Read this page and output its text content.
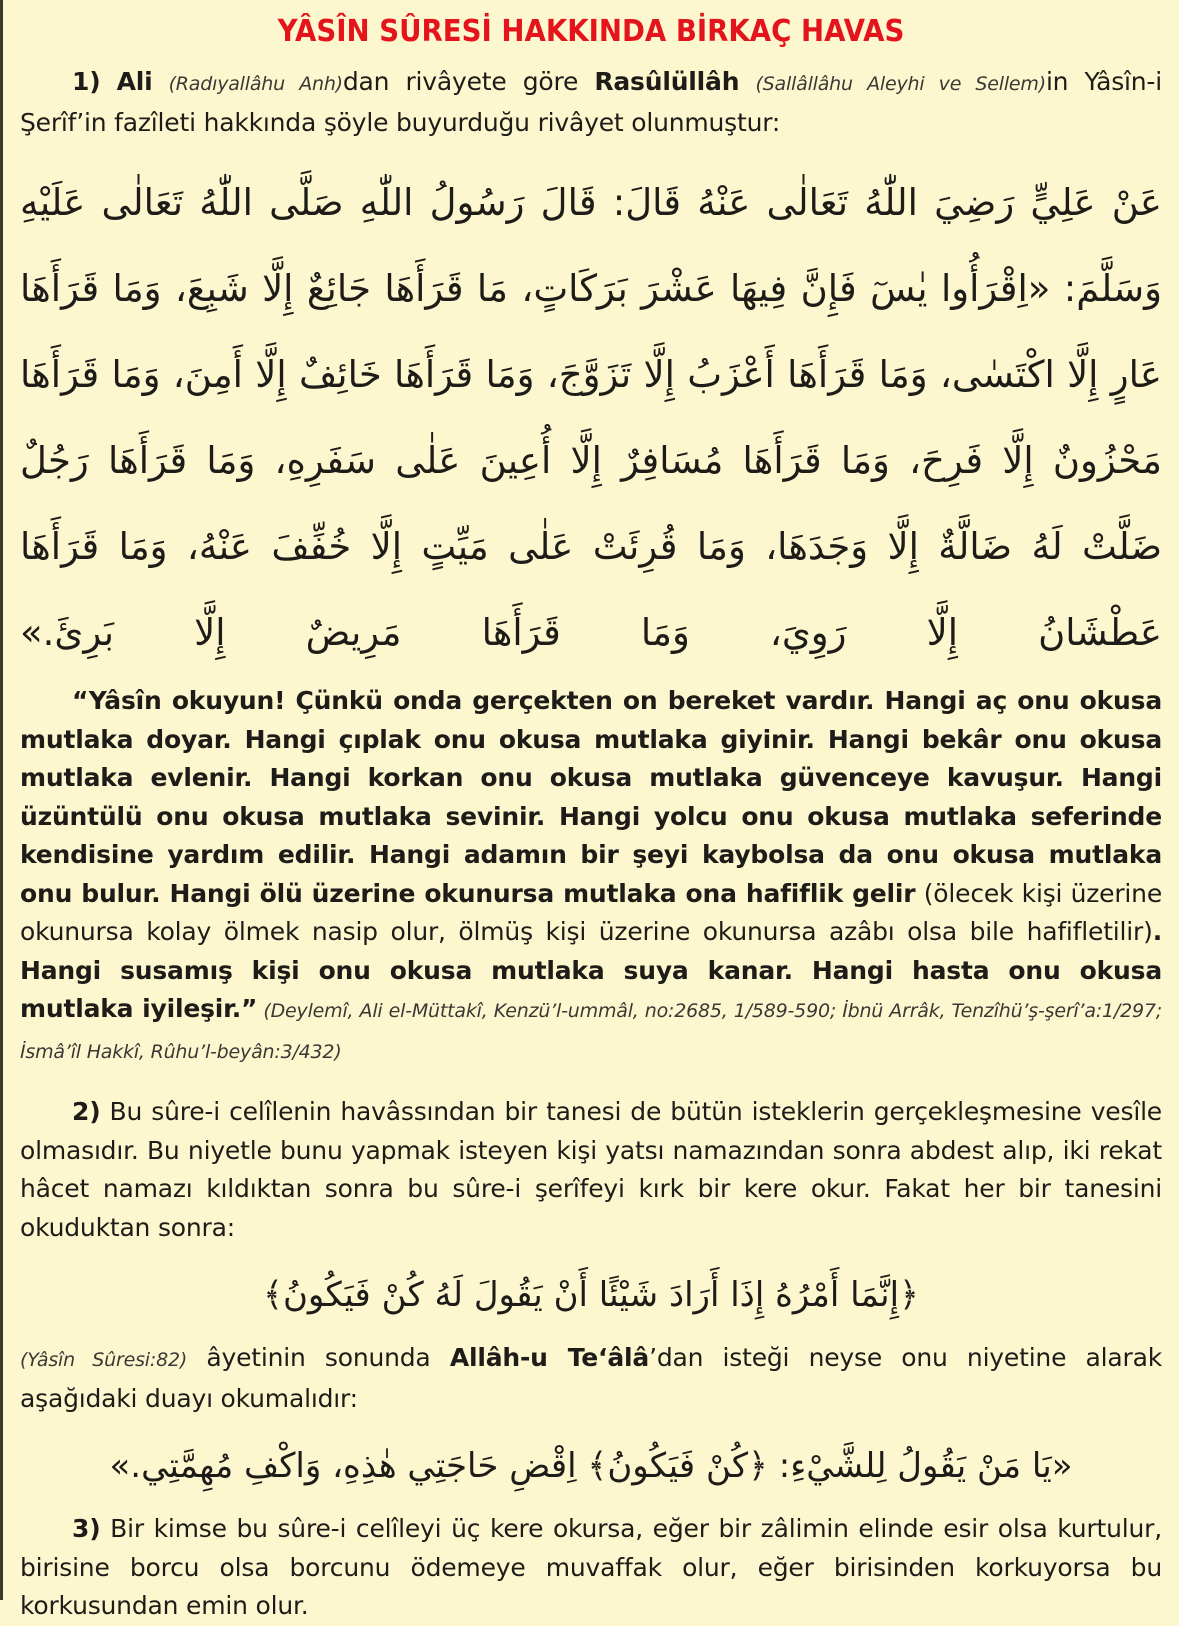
YÂSÎN SÛRESİ HAKKINDA BİRKAÇ HAVAS

1) Ali (Radıyallâhu Anh)dan rivâyete göre Rasûlüllâh (Sallâllâhu Aleyhi ve Sellem)in Yâsîn-i Şerîf’in fazîleti hakkında şöyle buyurduğu rivâyet olunmuştur:

عَنْ عَلِيٍّ رَضِيَ اللّٰهُ تَعَالٰى عَنْهُ قَالَ: قَالَ رَسُولُ اللّٰهِ صَلَّى اللّٰهُ تَعَالٰى عَلَيْهِ وَسَلَّمَ: «اِقْرَأُوا يٰسٓ فَإِنَّ فِيهَا عَشْرَ بَرَكَاتٍ، مَا قَرَأَهَا جَائِعٌ إِلَّا شَبِعَ، وَمَا قَرَأَهَا عَارٍ إِلَّا اكْتَسٰى، وَمَا قَرَأَهَا أَعْزَبُ إِلَّا تَزَوَّجَ، وَمَا قَرَأَهَا خَائِفٌ إِلَّا أَمِنَ، وَمَا قَرَأَهَا مَحْزُونٌ إِلَّا فَرِحَ، وَمَا قَرَأَهَا مُسَافِرٌ إِلَّا أُعِينَ عَلٰى سَفَرِهِ، وَمَا قَرَأَهَا رَجُلٌ ضَلَّتْ لَهُ ضَالَّةٌ إِلَّا وَجَدَهَا، وَمَا قُرِئَتْ عَلٰى مَيِّتٍ إِلَّا خُفِّفَ عَنْهُ، وَمَا قَرَأَهَا عَطْشَانُ إِلَّا رَوِيَ، وَمَا قَرَأَهَا مَرِيضٌ إِلَّا بَرِئَ.»

“Yâsîn okuyun! Çünkü onda gerçekten on bereket vardır. Hangi aç onu okusa mutlaka doyar. Hangi çıplak onu okusa mutlaka giyinir. Hangi bekâr onu okusa mutlaka evlenir. Hangi korkan onu okusa mutlaka güvenceye kavuşur. Hangi üzüntülü onu okusa mutlaka sevinir. Hangi yolcu onu okusa mutlaka seferinde kendisine yardım edilir. Hangi adamın bir şeyi kaybolsa da onu okusa mutlaka onu bulur. Hangi ölü üzerine okunursa mutlaka ona hafiflik gelir (ölecek kişi üzerine okunursa kolay ölmek nasip olur, ölmüş kişi üzerine okunursa azâbı olsa bile hafifletilir). Hangi susamış kişi onu okusa mutlaka suya kanar. Hangi hasta onu okusa mutlaka iyileşir.” (Deylemî, Ali el-Müttakî, Kenzü’l-ummâl, no:2685, 1/589-590; İbnü Arrâk, Tenzîhü’ş-şerî’a:1/297; İsmâ’îl Hakkî, Rûhu’l-beyân:3/432)

2) Bu sûre-i celîlenin havâssından bir tanesi de bütün isteklerin gerçekleşmesine vesîle olmasıdır. Bu niyetle bunu yapmak isteyen kişi yatsı namazından sonra abdest alıp, iki rekat hâcet namazı kıldıktan sonra bu sûre-i şerîfeyi kırk bir kere okur. Fakat her bir tanesini okuduktan sonra:

﴿إِنَّمَا أَمْرُهُ إِذَا أَرَادَ شَيْئًا أَنْ يَقُولَ لَهُ كُنْ فَيَكُونُ﴾

(Yâsîn Sûresi:82) âyetinin sonunda Allâh-u Te‘âlâ’dan isteği neyse onu niyetine alarak aşağıdaki duayı okumalıdır:

«يَا مَنْ يَقُولُ لِلشَّيْءِ: ﴿كُنْ فَيَكُونُ﴾ اِقْضِ حَاجَتِي هٰذِهِ، وَاكْفِ مُهِمَّتِي.»

3) Bir kimse bu sûre-i celîleyi üç kere okursa, eğer bir zâlimin elinde esir olsa kurtulur, birisine borcu olsa borcunu ödemeye muvaffak olur, eğer birisinden korkuyorsa bu korkusundan emin olur.
